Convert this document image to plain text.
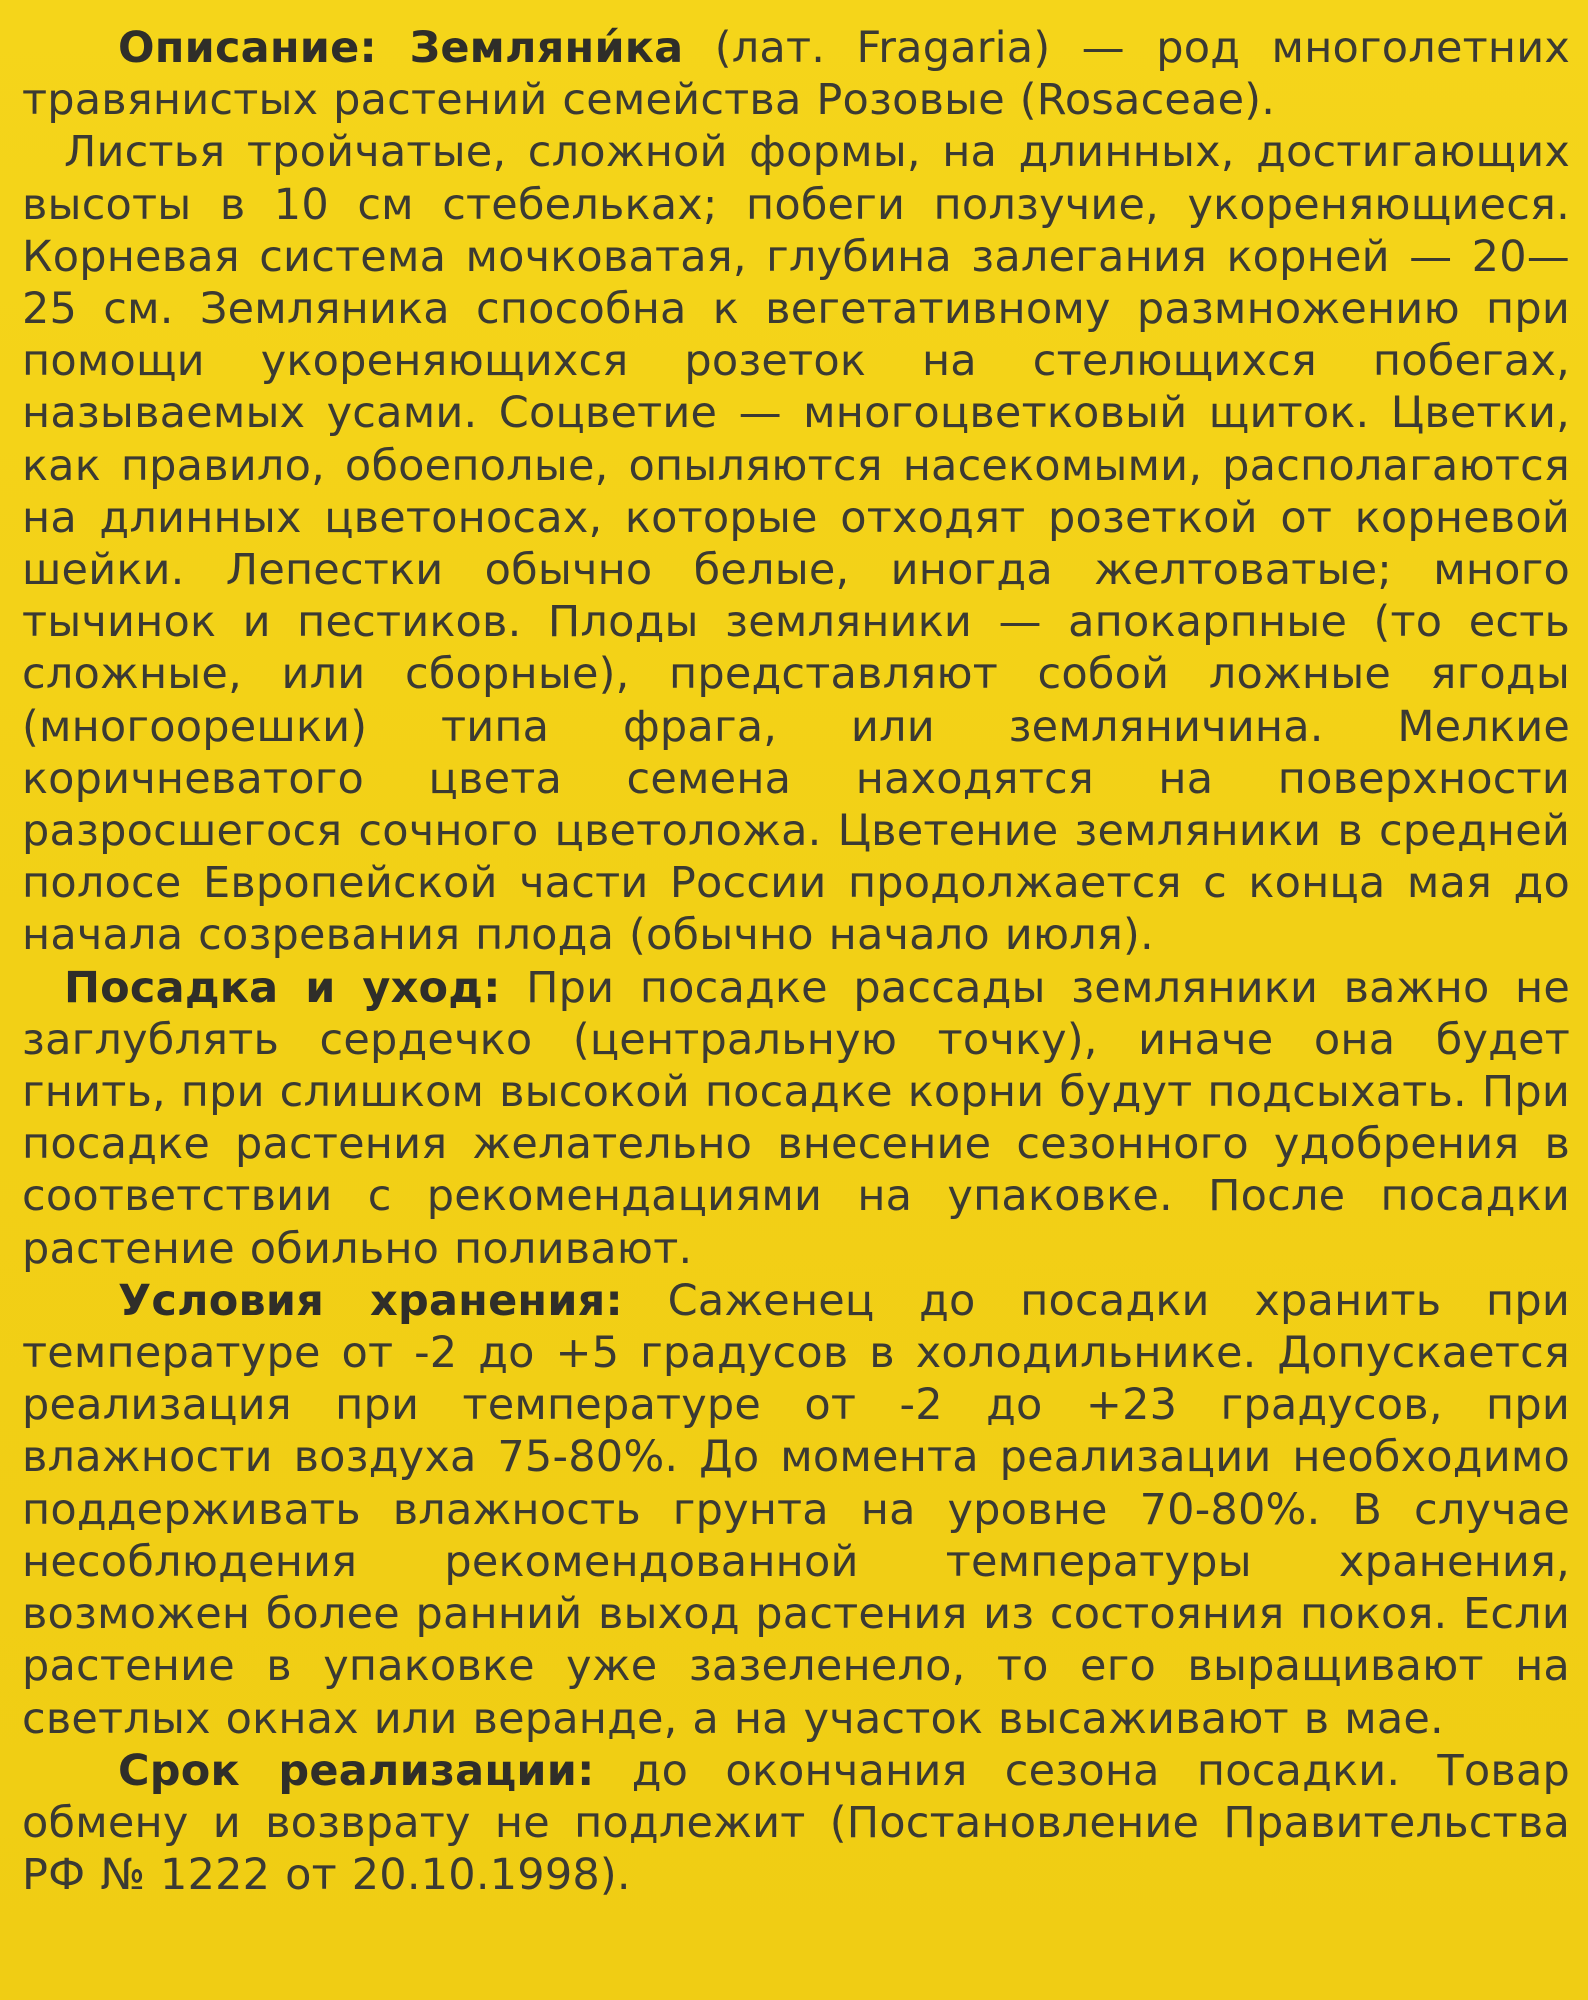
Описание: Земляни́ка (лат. Fragaria) — род многолетних травянистых растений семейства Розовые (Rosaceae).

Листья тройчатые, сложной формы, на длинных, достигающих высоты в 10 см стебельках; побеги ползучие, укореняющиеся. Корневая система мочковатая, глубина залегания корней — 20—25 см. Земляника способна к вегетативному размножению при помощи укореняющихся розеток на стелющихся побегах, называемых усами. Соцветие — многоцветковый щиток. Цветки, как правило, обоеполые, опыляются насекомыми, располагаются на длинных цветоносах, которые отходят розеткой от корневой шейки. Лепестки обычно белые, иногда желтоватые; много тычинок и пестиков. Плоды земляники — апокарпные (то есть сложные, или сборные), представляют собой ложные ягоды (многоорешки) типа фрага, или земляничина. Мелкие коричневатого цвета семена находятся на поверхности разросшегося сочного цветоложа. Цветение земляники в средней полосе Европейской части России продолжается с конца мая до начала созревания плода (обычно начало июля).

Посадка и уход: При посадке рассады земляники важно не заглублять сердечко (центральную точку), иначе она будет гнить, при слишком высокой посадке корни будут подсыхать. При посадке растения желательно внесение сезонного удобрения в соответствии с рекомендациями на упаковке. После посадки растение обильно поливают.

Условия хранения: Саженец до посадки хранить при температуре от -2 до +5 градусов в холодильнике. Допускается реализация при температуре от -2 до +23 градусов, при влажности воздуха 75-80%. До момента реализации необходимо поддерживать влажность грунта на уровне 70-80%. В случае несоблюдения рекомендованной температуры хранения, возможен более ранний выход растения из состояния покоя. Если растение в упаковке уже зазеленело, то его выращивают на светлых окнах или веранде, а на участок высаживают в мае.

Срок реализации: до окончания сезона посадки. Товар обмену и возврату не подлежит (Постановление Правительства РФ № 1222 от 20.10.1998).
